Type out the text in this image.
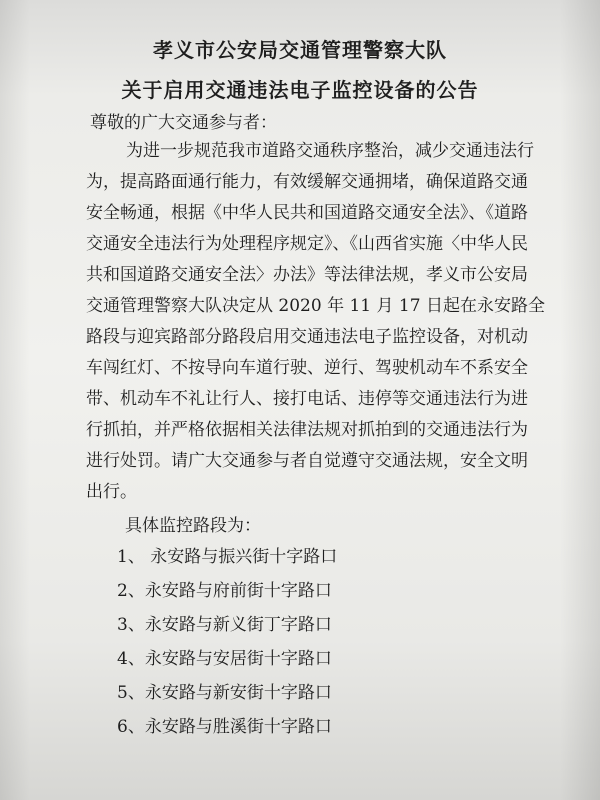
孝义市公安局交通管理警察大队
关于启用交通违法电子监控设备的公告
尊敬的广大交通参与者：
为进一步规范我市道路交通秩序整治，减少交通违法行
为，提高路面通行能力，有效缓解交通拥堵，确保道路交通
安全畅通，根据《中华人民共和国道路交通安全法》、《道路
交通安全违法行为处理程序规定》、《山西省实施〈中华人民
共和国道路交通安全法〉办法》等法律法规，孝义市公安局
交通管理警察大队决定从 2020 年 11 月 17 日起在永安路全
路段与迎宾路部分路段启用交通违法电子监控设备，对机动
车闯红灯、不按导向车道行驶、逆行、驾驶机动车不系安全
带、机动车不礼让行人、接打电话、违停等交通违法行为进
行抓拍，并严格依据相关法律法规对抓拍到的交通违法行为
进行处罚。请广大交通参与者自觉遵守交通法规，安全文明
出行。
具体监控路段为：
1、 永安路与振兴街十字路口
2、永安路与府前街十字路口
3、永安路与新义街丁字路口
4、永安路与安居街十字路口
5、永安路与新安街十字路口
6、永安路与胜溪街十字路口
